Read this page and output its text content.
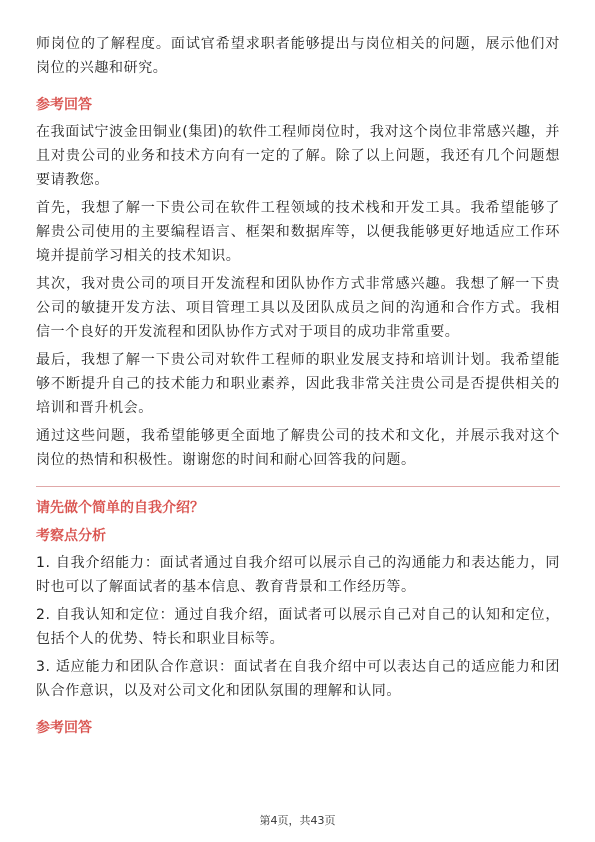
师岗位的了解程度。面试官希望求职者能够提出与岗位相关的问题，展示他们对岗位的兴趣和研究。

参考回答

在我面试宁波金田铜业(集团)的软件工程师岗位时，我对这个岗位非常感兴趣，并且对贵公司的业务和技术方向有一定的了解。除了以上问题，我还有几个问题想要请教您。

首先，我想了解一下贵公司在软件工程领域的技术栈和开发工具。我希望能够了解贵公司使用的主要编程语言、框架和数据库等，以便我能够更好地适应工作环境并提前学习相关的技术知识。

其次，我对贵公司的项目开发流程和团队协作方式非常感兴趣。我想了解一下贵公司的敏捷开发方法、项目管理工具以及团队成员之间的沟通和合作方式。我相信一个良好的开发流程和团队协作方式对于项目的成功非常重要。

最后，我想了解一下贵公司对软件工程师的职业发展支持和培训计划。我希望能够不断提升自己的技术能力和职业素养，因此我非常关注贵公司是否提供相关的培训和晋升机会。

通过这些问题，我希望能够更全面地了解贵公司的技术和文化，并展示我对这个岗位的热情和积极性。谢谢您的时间和耐心回答我的问题。

请先做个简单的自我介绍？
考察点分析

1. 自我介绍能力：面试者通过自我介绍可以展示自己的沟通能力和表达能力，同时也可以了解面试者的基本信息、教育背景和工作经历等。

2. 自我认知和定位：通过自我介绍，面试者可以展示自己对自己的认知和定位，包括个人的优势、特长和职业目标等。

3. 适应能力和团队合作意识：面试者在自我介绍中可以表达自己的适应能力和团队合作意识，以及对公司文化和团队氛围的理解和认同。

参考回答
第4页，共43页
